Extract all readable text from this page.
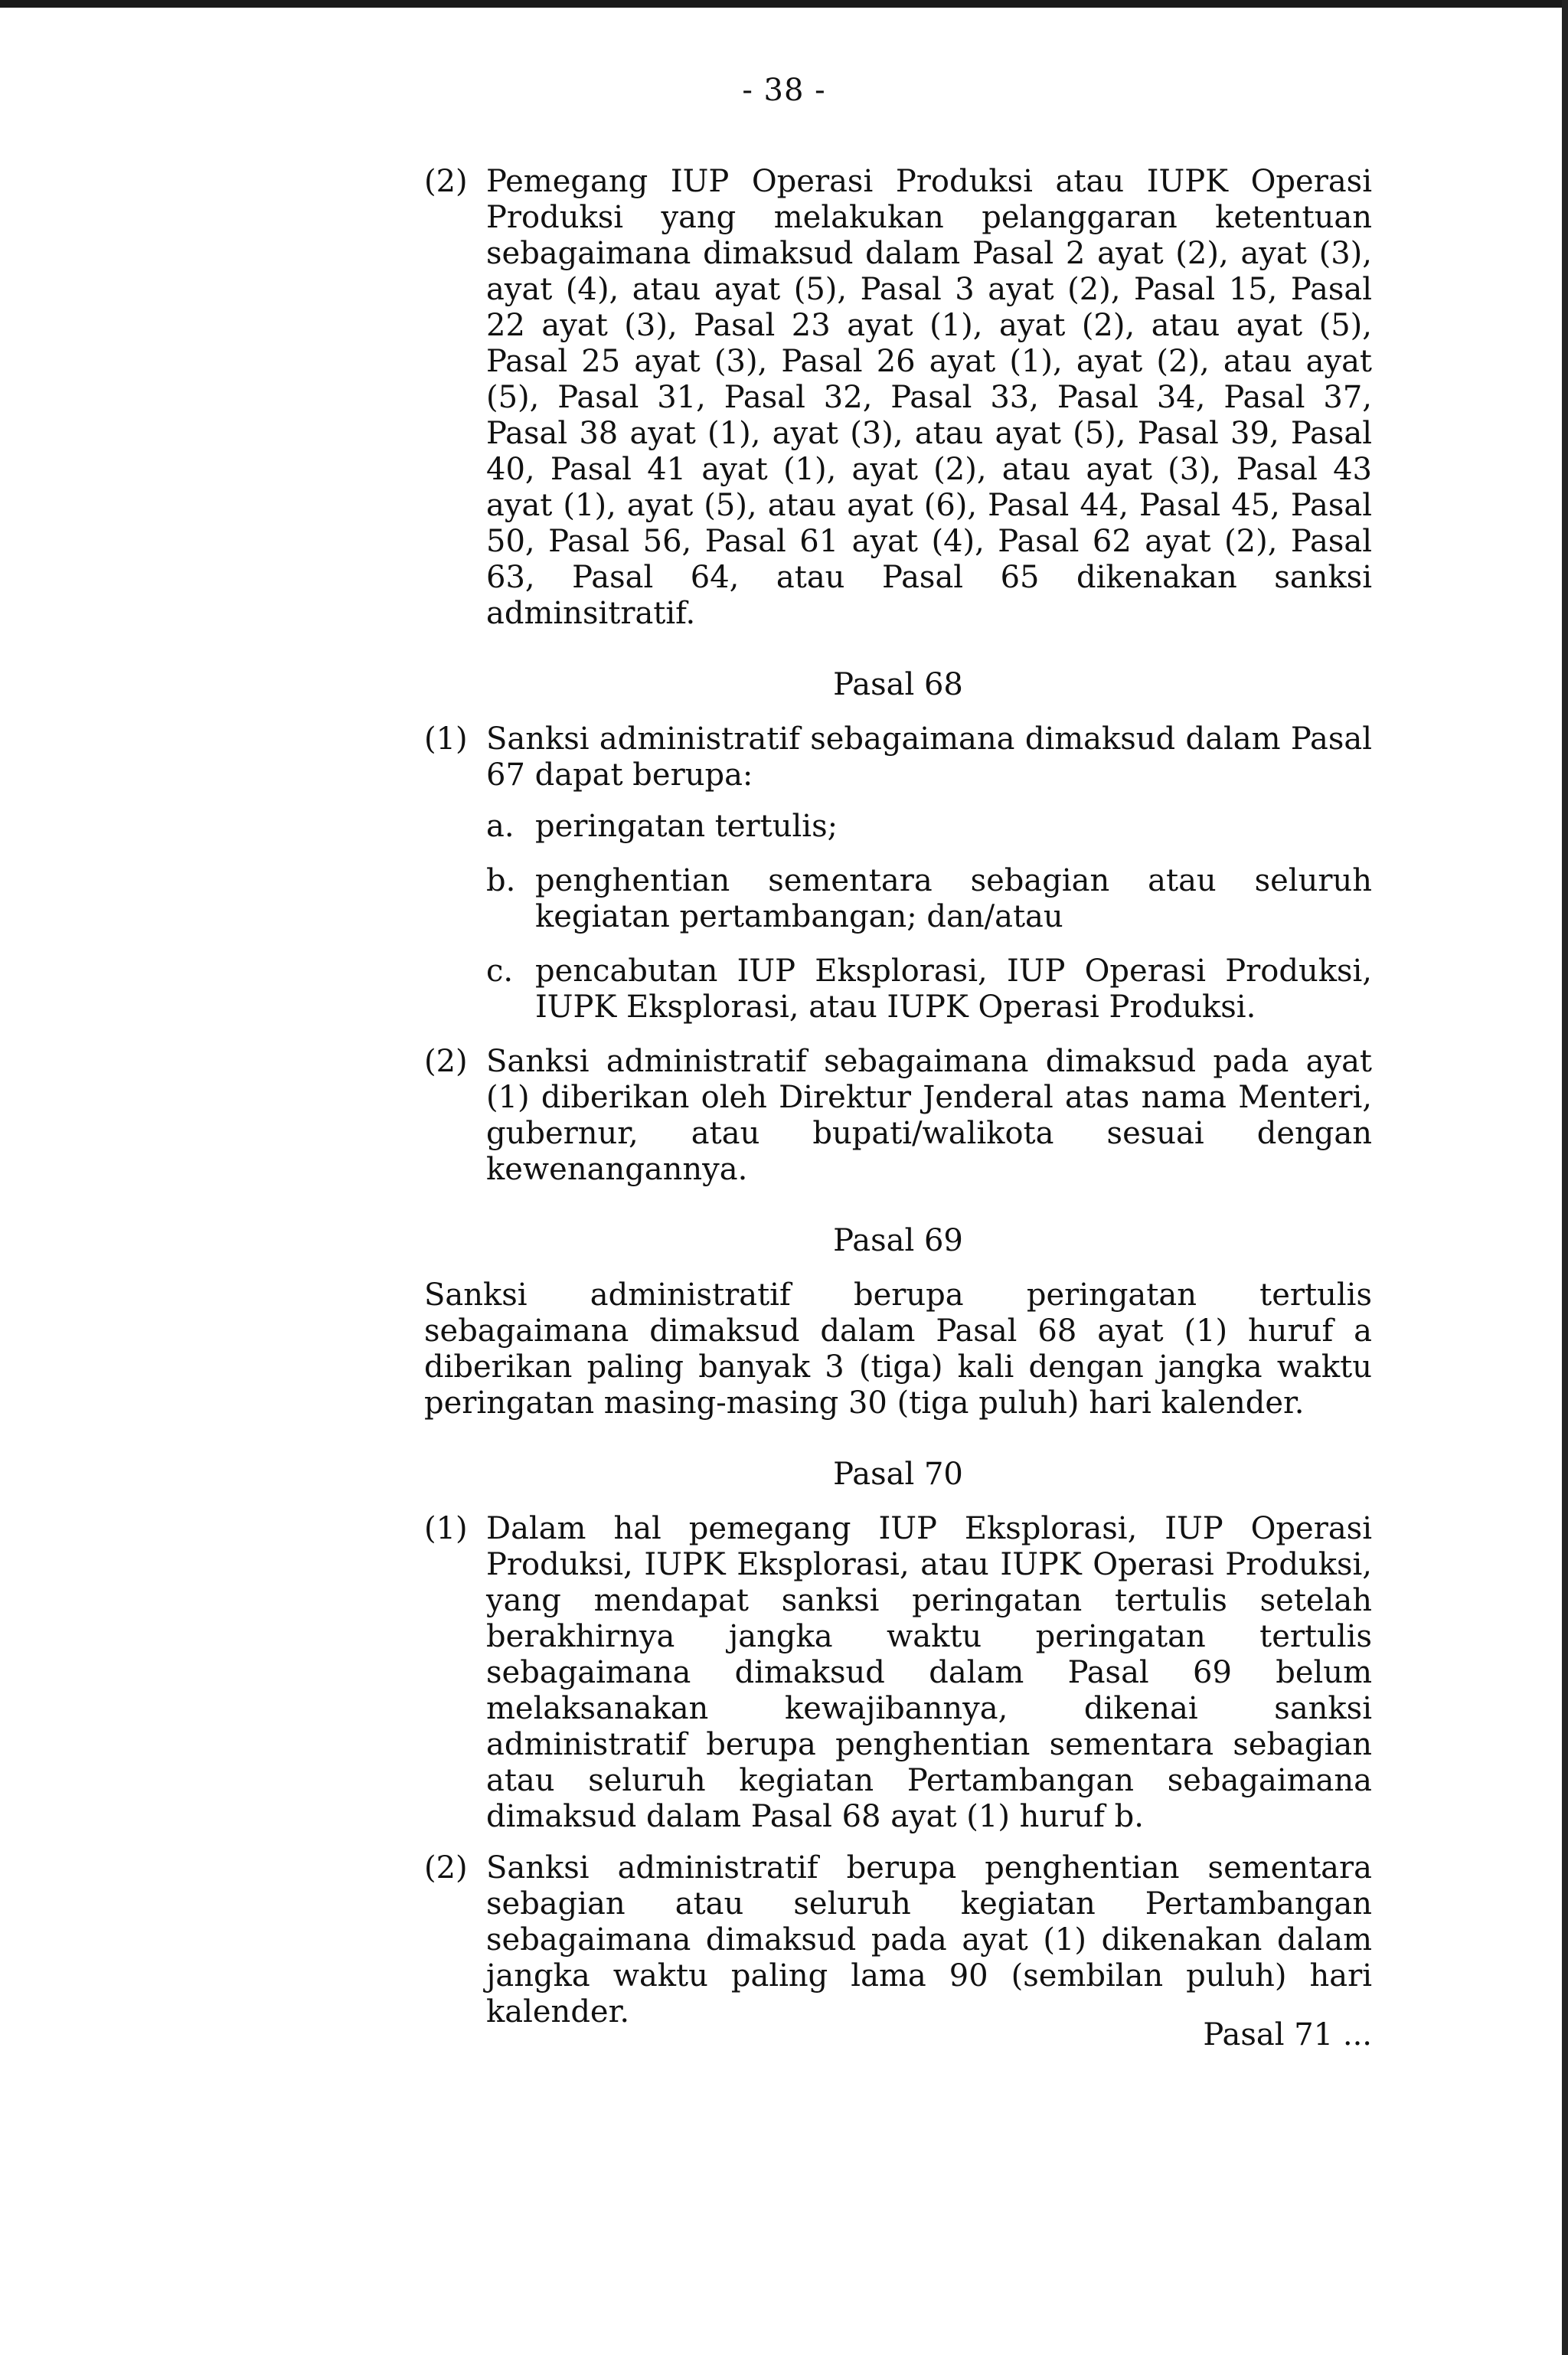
- 38 -
(2) Pemegang IUP Operasi Produksi atau IUPK Operasi Produksi yang melakukan pelanggaran ketentuan sebagaimana dimaksud dalam Pasal 2 ayat (2), ayat (3), ayat (4), atau ayat (5), Pasal 3 ayat (2), Pasal 15, Pasal 22 ayat (3), Pasal 23 ayat (1), ayat (2), atau ayat (5), Pasal 25 ayat (3), Pasal 26 ayat (1), ayat (2), atau ayat (5), Pasal 31, Pasal 32, Pasal 33, Pasal 34, Pasal 37, Pasal 38 ayat (1), ayat (3), atau ayat (5), Pasal 39, Pasal 40, Pasal 41 ayat (1), ayat (2), atau ayat (3), Pasal 43 ayat (1), ayat (5), atau ayat (6), Pasal 44, Pasal 45, Pasal 50, Pasal 56, Pasal 61 ayat (4), Pasal 62 ayat (2), Pasal 63, Pasal 64, atau Pasal 65 dikenakan sanksi adminsitratif.
Pasal 68
(1) Sanksi administratif sebagaimana dimaksud dalam Pasal 67 dapat berupa:
a. peringatan tertulis;
b. penghentian sementara sebagian atau seluruh kegiatan pertambangan; dan/atau
c. pencabutan IUP Eksplorasi, IUP Operasi Produksi, IUPK Eksplorasi, atau IUPK Operasi Produksi.
(2) Sanksi administratif sebagaimana dimaksud pada ayat (1) diberikan oleh Direktur Jenderal atas nama Menteri, gubernur, atau bupati/walikota sesuai dengan kewenangannya.
Pasal 69
Sanksi administratif berupa peringatan tertulis sebagaimana dimaksud dalam Pasal 68 ayat (1) huruf a diberikan paling banyak 3 (tiga) kali dengan jangka waktu peringatan masing-masing 30 (tiga puluh) hari kalender.
Pasal 70
(1) Dalam hal pemegang IUP Eksplorasi, IUP Operasi Produksi, IUPK Eksplorasi, atau IUPK Operasi Produksi, yang mendapat sanksi peringatan tertulis setelah berakhirnya jangka waktu peringatan tertulis sebagaimana dimaksud dalam Pasal 69 belum melaksanakan kewajibannya, dikenai sanksi administratif berupa penghentian sementara sebagian atau seluruh kegiatan Pertambangan sebagaimana dimaksud dalam Pasal 68 ayat (1) huruf b.
(2) Sanksi administratif berupa penghentian sementara sebagian atau seluruh kegiatan Pertambangan sebagaimana dimaksud pada ayat (1) dikenakan dalam jangka waktu paling lama 90 (sembilan puluh) hari kalender.
Pasal 71 ...
